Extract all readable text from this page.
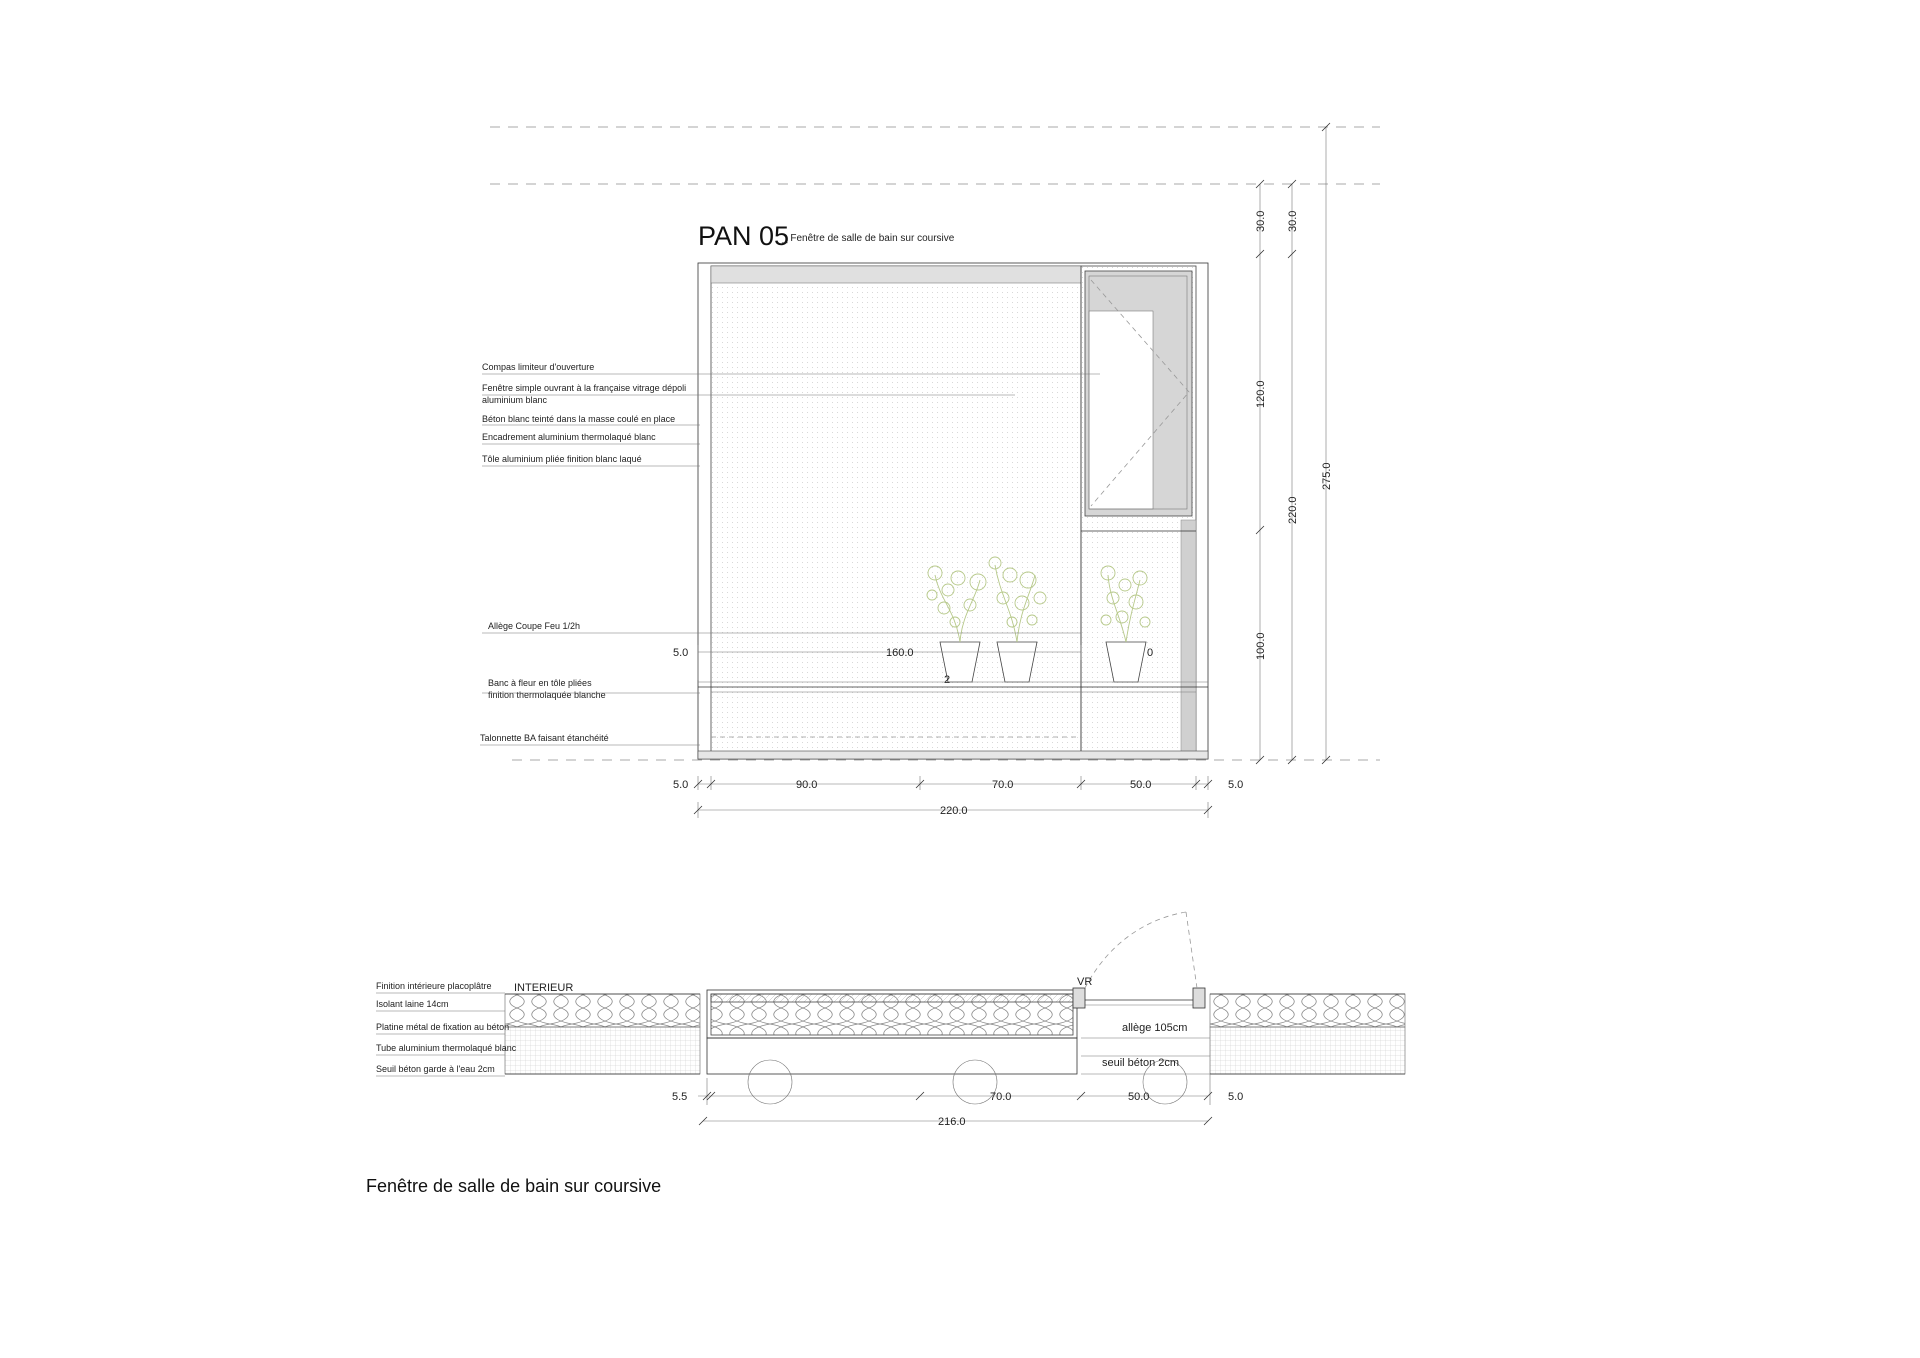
PAN 05
_ Fenêtre de salle de bain sur coursive
Compas limiteur d'ouverture
Fenêtre simple ouvrant à la française vitrage dépoli
aluminium blanc
Béton blanc teinté dans la masse coulé en place
Encadrement aluminium thermolaqué blanc
Tôle aluminium pliée finition blanc laqué
Allège Coupe Feu 1/2h
Banc à fleur en tôle pliées
finition thermolaquée blanche
Talonnette BA faisant étanchéité
5.0	160.0
2
0
5.0	90.0	70.0	50.0	5.0
220.0
30.0
120.0
100.0
30.0
220.0
275.0
INTERIEUR	VR
allège 105cm
seuil béton 2cm
Finition intérieure placoplâtre
Isolant laine 14cm
Platine métal de fixation au béton
Tube aluminium thermolaqué blanc
Seuil béton garde à l'eau 2cm
5.5	70.0	50.0	5.0
216.0
Fenêtre de salle de bain sur coursive
